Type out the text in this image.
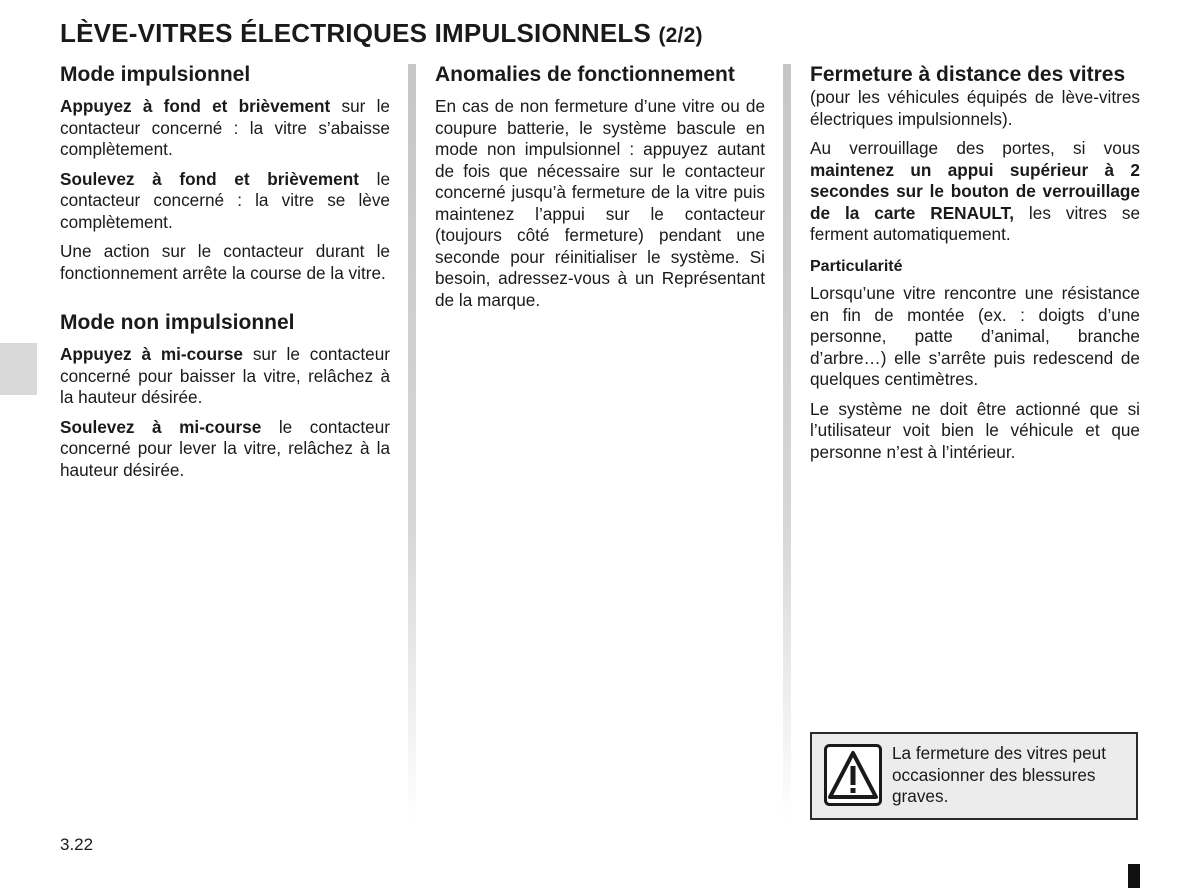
LÈVE-VITRES ÉLECTRIQUES IMPULSIONNELS (2/2)
Mode impulsionnel

Appuyez à fond et brièvement sur le contacteur concerné : la vitre s’abaisse complètement.

Soulevez à fond et brièvement le contacteur concerné : la vitre se lève complètement.

Une action sur le contacteur durant le fonctionnement arrête la course de la vitre.

Mode non impulsionnel

Appuyez à mi-course sur le contacteur concerné pour baisser la vitre, relâchez à la hauteur désirée.

Soulevez à mi-course le contacteur concerné pour lever la vitre, relâchez à la hauteur désirée.

Anomalies de fonctionnement

En cas de non fermeture d’une vitre ou de coupure batterie, le système bascule en mode non impulsionnel : appuyez autant de fois que nécessaire sur le contacteur concerné jusqu’à fermeture de la vitre puis maintenez l’appui sur le contacteur (toujours côté fermeture) pendant une seconde pour réinitialiser le système. Si besoin, adressez-vous à un Représentant de la marque.

Fermeture à distance des vitres

(pour les véhicules équipés de lève-vitres électriques impulsionnels).

Au verrouillage des portes, si vous maintenez un appui supérieur à 2 secondes sur le bouton de verrouillage de la carte RENAULT, les vitres se ferment automatiquement.

Particularité

Lorsqu’une vitre rencontre une résistance en fin de montée (ex. : doigts d’une personne, patte d’animal, branche d’arbre…) elle s’arrête puis redescend de quelques centimètres.

Le système ne doit être actionné que si l’utilisateur voit bien le véhicule et que personne n’est à l’intérieur.

La fermeture des vitres peut occasionner des blessures graves.
3.22
